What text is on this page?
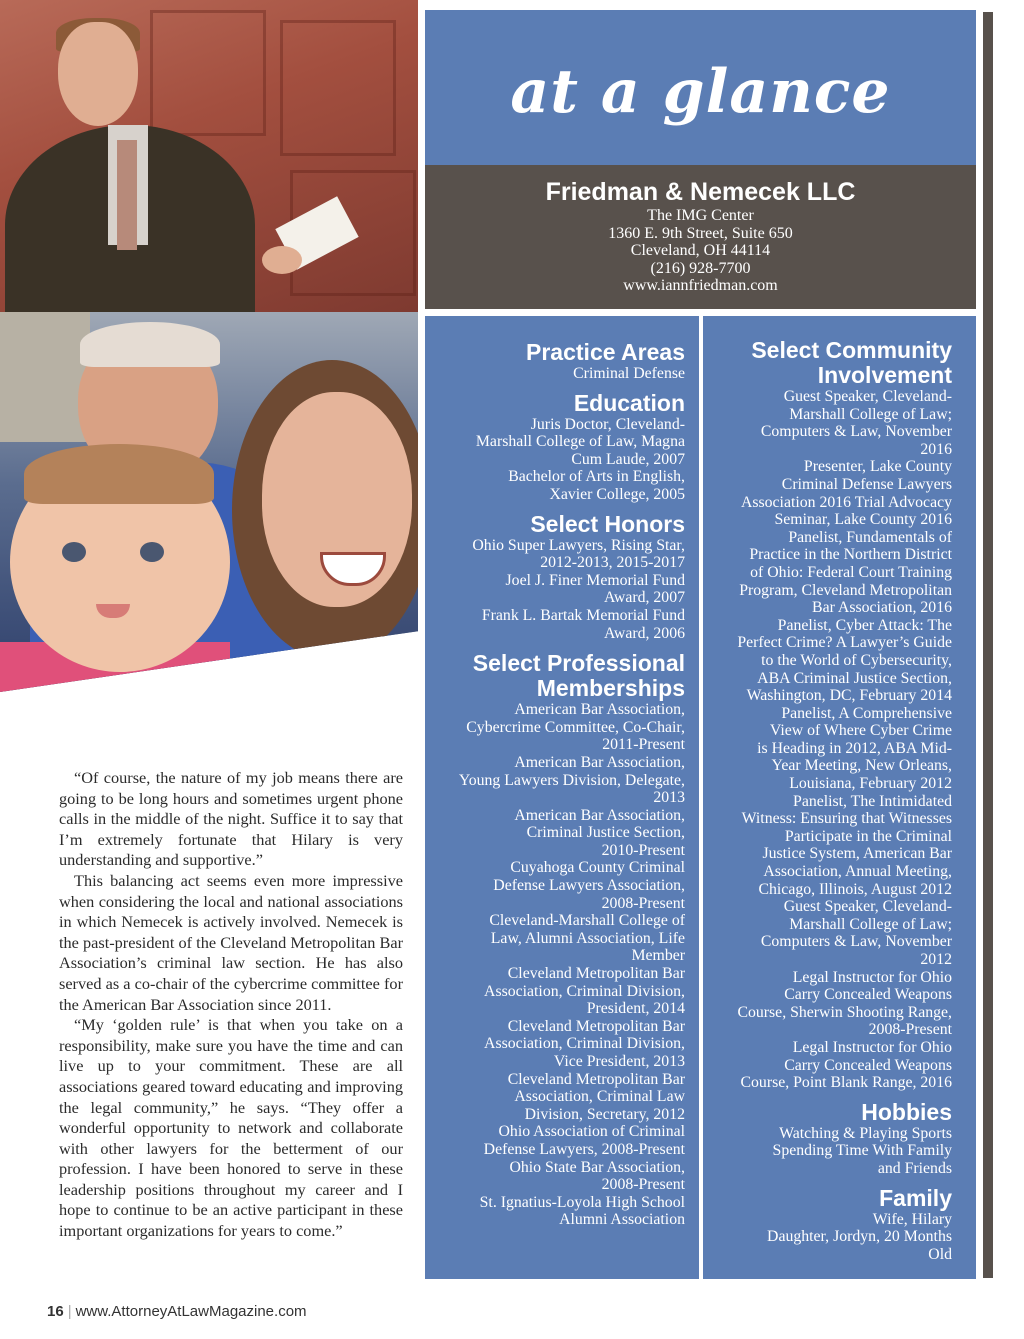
“Of course, the nature of my job means there are going to be long hours and sometimes urgent phone calls in the middle of the night. Suffice it to say that I’m extremely fortunate that Hilary is very understanding and supportive.”

This balancing act seems even more impressive when considering the local and national associations in which Nemecek is actively involved. Nemecek is the past-president of the Cleveland Metropolitan Bar Association’s criminal law section. He has also served as a co-chair of the cybercrime committee for the American Bar Association since 2011.

“My ‘golden rule’ is that when you take on a responsibility, make sure you have the time and can live up to your commitment. These are all associations geared toward educating and improving the legal community,” he says. “They offer a wonderful opportunity to network and collaborate with other lawyers for the betterment of our profession. I have been honored to serve in these leadership positions throughout my career and I hope to continue to be an active participant in these important organizations for years to come.”

16 | www.AttorneyAtLawMagazine.com
at a glance
Friedman & Nemecek LLC
The IMG Center
1360 E. 9th Street, Suite 650
Cleveland, OH 44114
(216) 928-7700
www.iannfriedman.com
Practice Areas

Criminal Defense

Education

Juris Doctor, Cleveland-

Marshall College of Law, Magna

Cum Laude, 2007

Bachelor of Arts in English,

Xavier College, 2005

Select Honors

Ohio Super Lawyers, Rising Star,

2012-2013, 2015-2017

Joel J. Finer Memorial Fund

Award, 2007

Frank L. Bartak Memorial Fund

Award, 2006

Select Professional
Memberships

American Bar Association,

Cybercrime Committee, Co-Chair,

2011-Present

American Bar Association,

Young Lawyers Division, Delegate,

2013

American Bar Association,

Criminal Justice Section,

2010-Present

Cuyahoga County Criminal

Defense Lawyers Association,

2008-Present

Cleveland-Marshall College of

Law, Alumni Association, Life

Member

Cleveland Metropolitan Bar

Association, Criminal Division,

President, 2014

Cleveland Metropolitan Bar

Association, Criminal Division,

Vice President, 2013

Cleveland Metropolitan Bar

Association, Criminal Law

Division, Secretary, 2012

Ohio Association of Criminal

Defense Lawyers, 2008-Present

Ohio State Bar Association,

2008-Present

St. Ignatius-Loyola High School

Alumni Association

Select Community
Involvement

Guest Speaker, Cleveland-

Marshall College of Law;

Computers & Law, November

2016

Presenter, Lake County

Criminal Defense Lawyers

Association 2016 Trial Advocacy

Seminar, Lake County 2016

Panelist, Fundamentals of

Practice in the Northern District

of Ohio: Federal Court Training

Program, Cleveland Metropolitan

Bar Association, 2016

Panelist, Cyber Attack: The

Perfect Crime? A Lawyer’s Guide

to the World of Cybersecurity,

ABA Criminal Justice Section,

Washington, DC, February 2014

Panelist, A Comprehensive

View of Where Cyber Crime

is Heading in 2012, ABA Mid-

Year Meeting, New Orleans,

Louisiana, February 2012

Panelist, The Intimidated

Witness: Ensuring that Witnesses

Participate in the Criminal

Justice System, American Bar

Association, Annual Meeting,

Chicago, Illinois, August 2012

Guest Speaker, Cleveland-

Marshall College of Law;

Computers & Law, November

2012

Legal Instructor for Ohio

Carry Concealed Weapons

Course, Sherwin Shooting Range,

2008-Present

Legal Instructor for Ohio

Carry Concealed Weapons

Course, Point Blank Range, 2016

Hobbies

Watching & Playing Sports

Spending Time With Family

and Friends

Family

Wife, Hilary

Daughter, Jordyn, 20 Months

Old
